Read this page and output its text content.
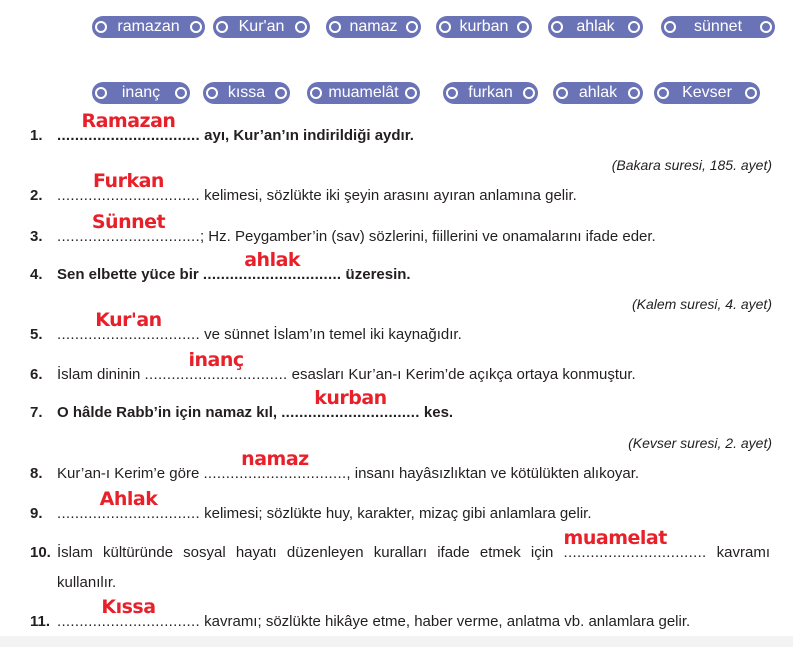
ramazan	Kur'an	namaz	kurban	ahlak	sünnet
inanç	kıssa	muamelât	furkan	ahlak	Kevser
1. ................................
Ramazan
ayı, Kur’an’ın indirildiği aydır.
(Bakara suresi, 185. ayet)
2. ................................
Furkan
kelimesi, sözlükte iki şeyin arasını ayıran anlamına gelir.
3. ................................
Sünnet
; Hz. Peygamber’in (sav) sözlerini, fiillerini ve onamalarını ifade eder.
4. Sen elbette yüce bir ...............................
ahlak
üzeresin.
(Kalem suresi, 4. ayet)
5. ................................
Kur'an
ve sünnet İslam’ın temel iki kaynağıdır.
6. İslam dininin ................................
inanç
esasları Kur’an-ı Kerim’de açıkça ortaya konmuştur.
7. O hâlde Rabb’in için namaz kıl, ...............................
kurban
kes.
(Kevser suresi, 2. ayet)
8. Kur’an-ı Kerim’e göre ................................
namaz
, insanı hayâsızlıktan ve kötülükten alıkoyar.
9. ................................
Ahlak
kelimesi; sözlükte huy, karakter, mizaç gibi anlamlara gelir.
10. İslam kültüründe sosyal hayatı düzenleyen kuralları ifade etmek için ................................
muamelat
kavramı
kullanılır.
11. ................................
Kıssa
kavramı; sözlükte hikâye etme, haber verme, anlatma vb. anlamlara gelir.
